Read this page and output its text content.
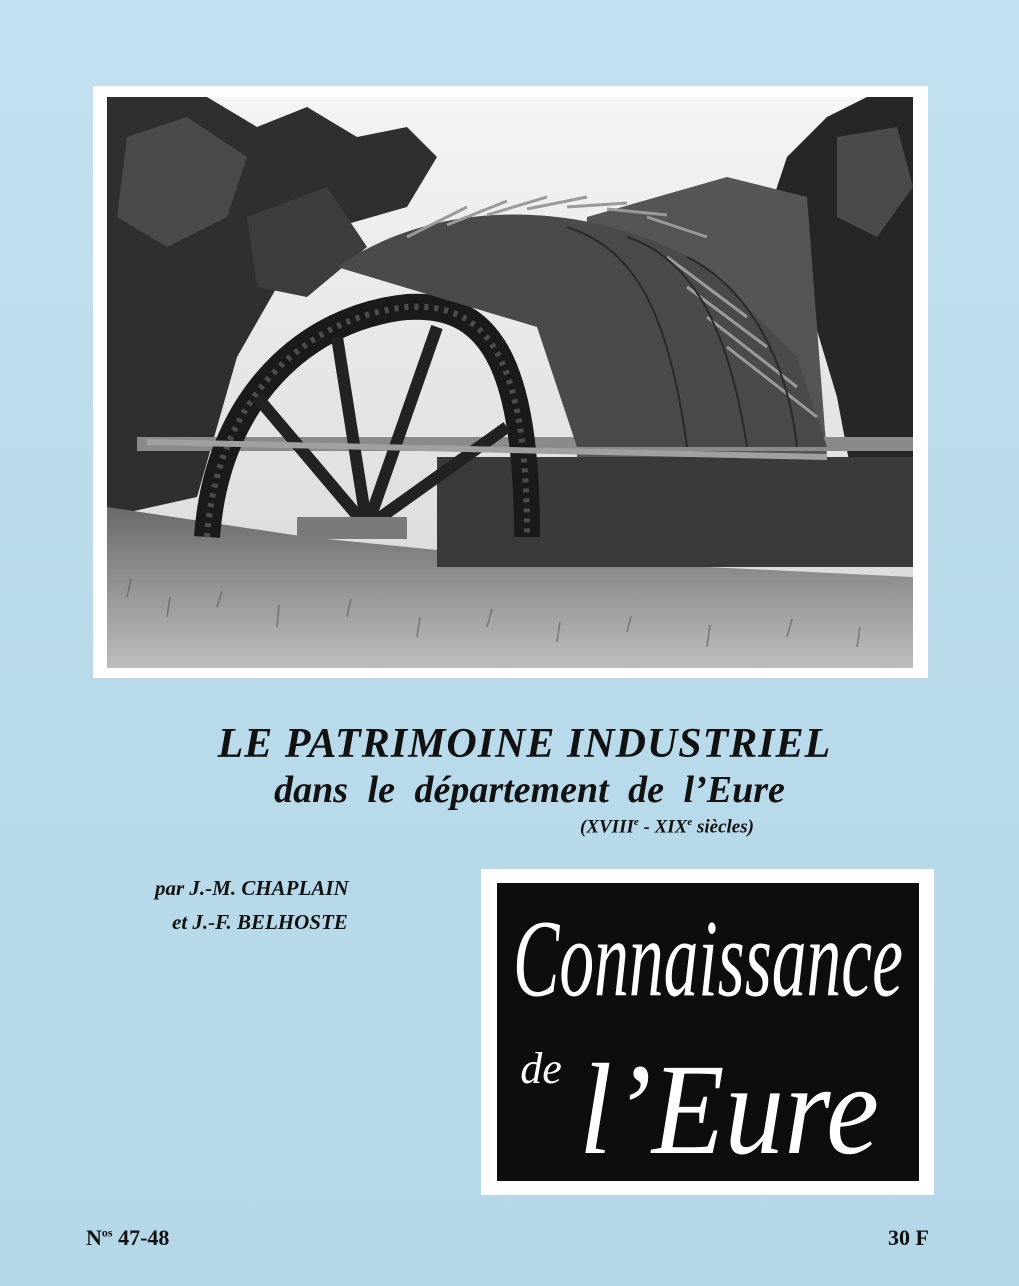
LE PATRIMOINE INDUSTRIEL
dans le département de l’Eure
(XVIIIe - XIXe siècles)
par J.-M. CHAPLAIN
et J.-F. BELHOSTE Connaissance
de l’Eure
$N^{os}$ 47-48	30 F
